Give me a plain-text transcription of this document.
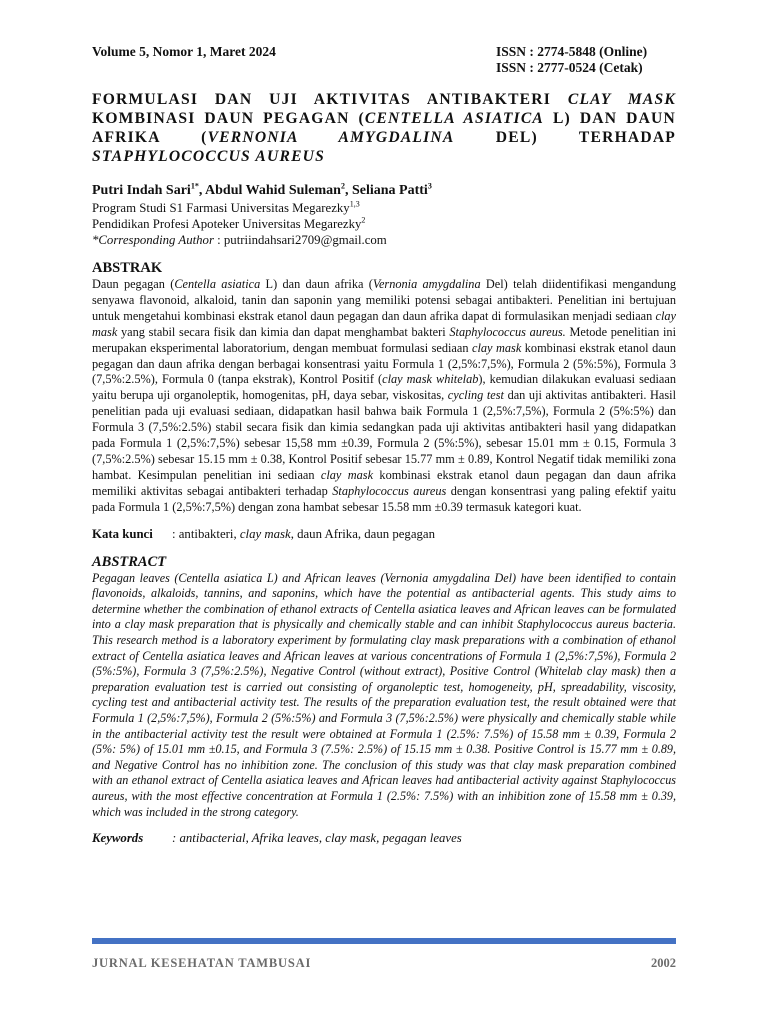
Volume 5, Nomor 1, Maret 2024	ISSN : 2774-5848 (Online)
ISSN : 2777-0524 (Cetak)
FORMULASI DAN UJI AKTIVITAS ANTIBAKTERI CLAY MASK KOMBINASI DAUN PEGAGAN (CENTELLA ASIATICA L) DAN DAUN AFRIKA (VERNONIA AMYGDALINA DEL) TERHADAP STAPHYLOCOCCUS AUREUS
Putri Indah Sari$^{1*}$, Abdul Wahid Suleman$^2$, Seliana Patti$^3$
Program Studi S1 Farmasi Universitas Megarezky$^{1,3}$
Pendidikan Profesi Apoteker Universitas Megarezky$^2$
*Corresponding Author : putriindahsari2709@gmail.com
ABSTRAK
Daun pegagan (Centella asiatica L) dan daun afrika (Vernonia amygdalina Del) telah diidentifikasi mengandung senyawa flavonoid, alkaloid, tanin dan saponin yang memiliki potensi sebagai antibakteri. Penelitian ini bertujuan untuk mengetahui kombinasi ekstrak etanol daun pegagan dan daun afrika dapat di formulasikan menjadi sediaan clay mask yang stabil secara fisik dan kimia dan dapat menghambat bakteri Staphylococcus aureus. Metode penelitian ini merupakan eksperimental laboratorium, dengan membuat formulasi sediaan clay mask kombinasi ekstrak etanol daun pegagan dan daun afrika dengan berbagai konsentrasi yaitu Formula 1 (2,5%:7,5%), Formula 2 (5%:5%), Formula 3 (7,5%:2.5%), Formula 0 (tanpa ekstrak), Kontrol Positif (clay mask whitelab), kemudian dilakukan evaluasi sediaan yaitu berupa uji organoleptik, homogenitas, pH, daya sebar, viskositas, cycling test dan uji aktivitas antibakteri. Hasil penelitian pada uji evaluasi sediaan, didapatkan hasil bahwa baik Formula 1 (2,5%:7,5%), Formula 2 (5%:5%) dan Formula 3 (7,5%:2.5%) stabil secara fisik dan kimia sedangkan pada uji aktivitas antibakteri hasil yang didapatkan pada Formula 1 (2,5%:7,5%) sebesar 15,58 mm ±0.39, Formula 2 (5%:5%), sebesar 15.01 mm ± 0.15, Formula 3 (7,5%:2.5%) sebesar 15.15 mm ± 0.38, Kontrol Positif sebesar 15.77 mm ± 0.89, Kontrol Negatif tidak memiliki zona hambat. Kesimpulan penelitian ini sediaan clay mask kombinasi ekstrak etanol daun pegagan dan daun afrika memiliki aktivitas sebagai antibakteri terhadap Staphylococcus aureus dengan konsentrasi yang paling efektif yaitu pada Formula 1 (2,5%:7,5%) dengan zona hambat sebesar 15.58 mm ±0.39 termasuk kategori kuat.
Kata kunci : antibakteri, clay mask, daun Afrika, daun pegagan
ABSTRACT
Pegagan leaves (Centella asiatica L) and African leaves (Vernonia amygdalina Del) have been identified to contain flavonoids, alkaloids, tannins, and saponins, which have the potential as antibacterial agents. This study aims to determine whether the combination of ethanol extracts of Centella asiatica leaves and African leaves can be formulated into a clay mask preparation that is physically and chemically stable and can inhibit Staphylococcus aureus bacteria. This research method is a laboratory experiment by formulating clay mask preparations with a combination of ethanol extract of Centella asiatica leaves and African leaves at various concentrations of Formula 1 (2,5%:7,5%), Formula 2 (5%:5%), Formula 3 (7,5%:2.5%), Negative Control (without extract), Positive Control (Whitelab clay mask) then a preparation evaluation test is carried out consisting of organoleptic test, homogeneity, pH, spreadability, viscosity, cycling test and antibacterial activity test. The results of the preparation evaluation test, the result obtained were that Formula 1 (2,5%:7,5%), Formula 2 (5%:5%) and Formula 3 (7,5%:2.5%) were physically and chemically stable while in the antibacterial activity test the result were obtained at Formula 1 (2.5%: 7.5%) of 15.58 mm ± 0.39, Formula 2 (5%: 5%) of 15.01 mm ±0.15, and Formula 3 (7.5%: 2.5%) of 15.15 mm ± 0.38. Positive Control is 15.77 mm ± 0.89, and Negative Control has no inhibition zone. The conclusion of this study was that clay mask preparation combined with an ethanol extract of Centella asiatica leaves and African leaves had antibacterial activity against Staphylococcus aureus, with the most effective concentration at Formula 1 (2.5%: 7.5%) with an inhibition zone of 15.58 mm ± 0.39, which was included in the strong category.
Keywords : antibacterial, Afrika leaves, clay mask, pegagan leaves
JURNAL KESEHATAN TAMBUSAI	2002
